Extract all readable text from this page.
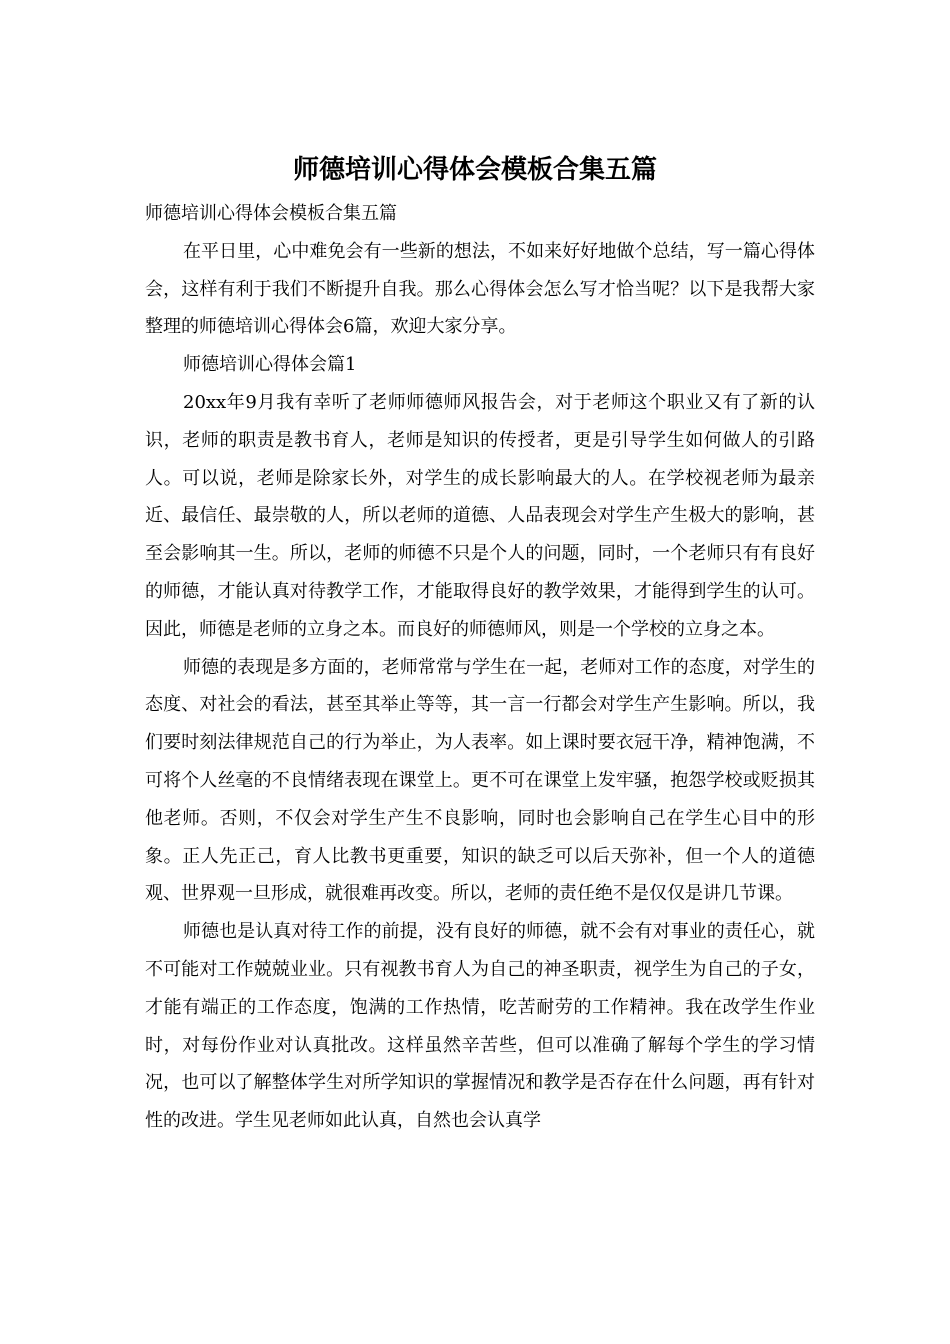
师德培训心得体会模板合集五篇

师德培训心得体会模板合集五篇

在平日里，心中难免会有一些新的想法，不如来好好地做个总结，写一篇心得体会，这样有利于我们不断提升自我。那么心得体会怎么写才恰当呢？以下是我帮大家整理的师德培训心得体会6篇，欢迎大家分享。

师德培训心得体会篇1

20xx年9月我有幸听了老师师德师风报告会，对于老师这个职业又有了新的认识，老师的职责是教书育人，老师是知识的传授者，更是引导学生如何做人的引路人。可以说，老师是除家长外，对学生的成长影响最大的人。在学校视老师为最亲近、最信任、最崇敬的人，所以老师的道德、人品表现会对学生产生极大的影响，甚至会影响其一生。所以，老师的师德不只是个人的问题，同时，一个老师只有有良好的师德，才能认真对待教学工作，才能取得良好的教学效果，才能得到学生的认可。因此，师德是老师的立身之本。而良好的师德师风，则是一个学校的立身之本。

师德的表现是多方面的，老师常常与学生在一起，老师对工作的态度，对学生的态度、对社会的看法，甚至其举止等等，其一言一行都会对学生产生影响。所以，我们要时刻法律规范自己的行为举止，为人表率。如上课时要衣冠干净，精神饱满，不可将个人丝毫的不良情绪表现在课堂上。更不可在课堂上发牢骚，抱怨学校或贬损其他老师。否则，不仅会对学生产生不良影响，同时也会影响自己在学生心目中的形象。正人先正己，育人比教书更重要，知识的缺乏可以后天弥补，但一个人的道德观、世界观一旦形成，就很难再改变。所以，老师的责任绝不是仅仅是讲几节课。

师德也是认真对待工作的前提，没有良好的师德，就不会有对事业的责任心，就不可能对工作兢兢业业。只有视教书育人为自己的神圣职责，视学生为自己的子女，才能有端正的工作态度，饱满的工作热情，吃苦耐劳的工作精神。我在改学生作业时，对每份作业对认真批改。这样虽然辛苦些，但可以准确了解每个学生的学习情况，也可以了解整体学生对所学知识的掌握情况和教学是否存在什么问题，再有针对性的改进。学生见老师如此认真，自然也会认真学
